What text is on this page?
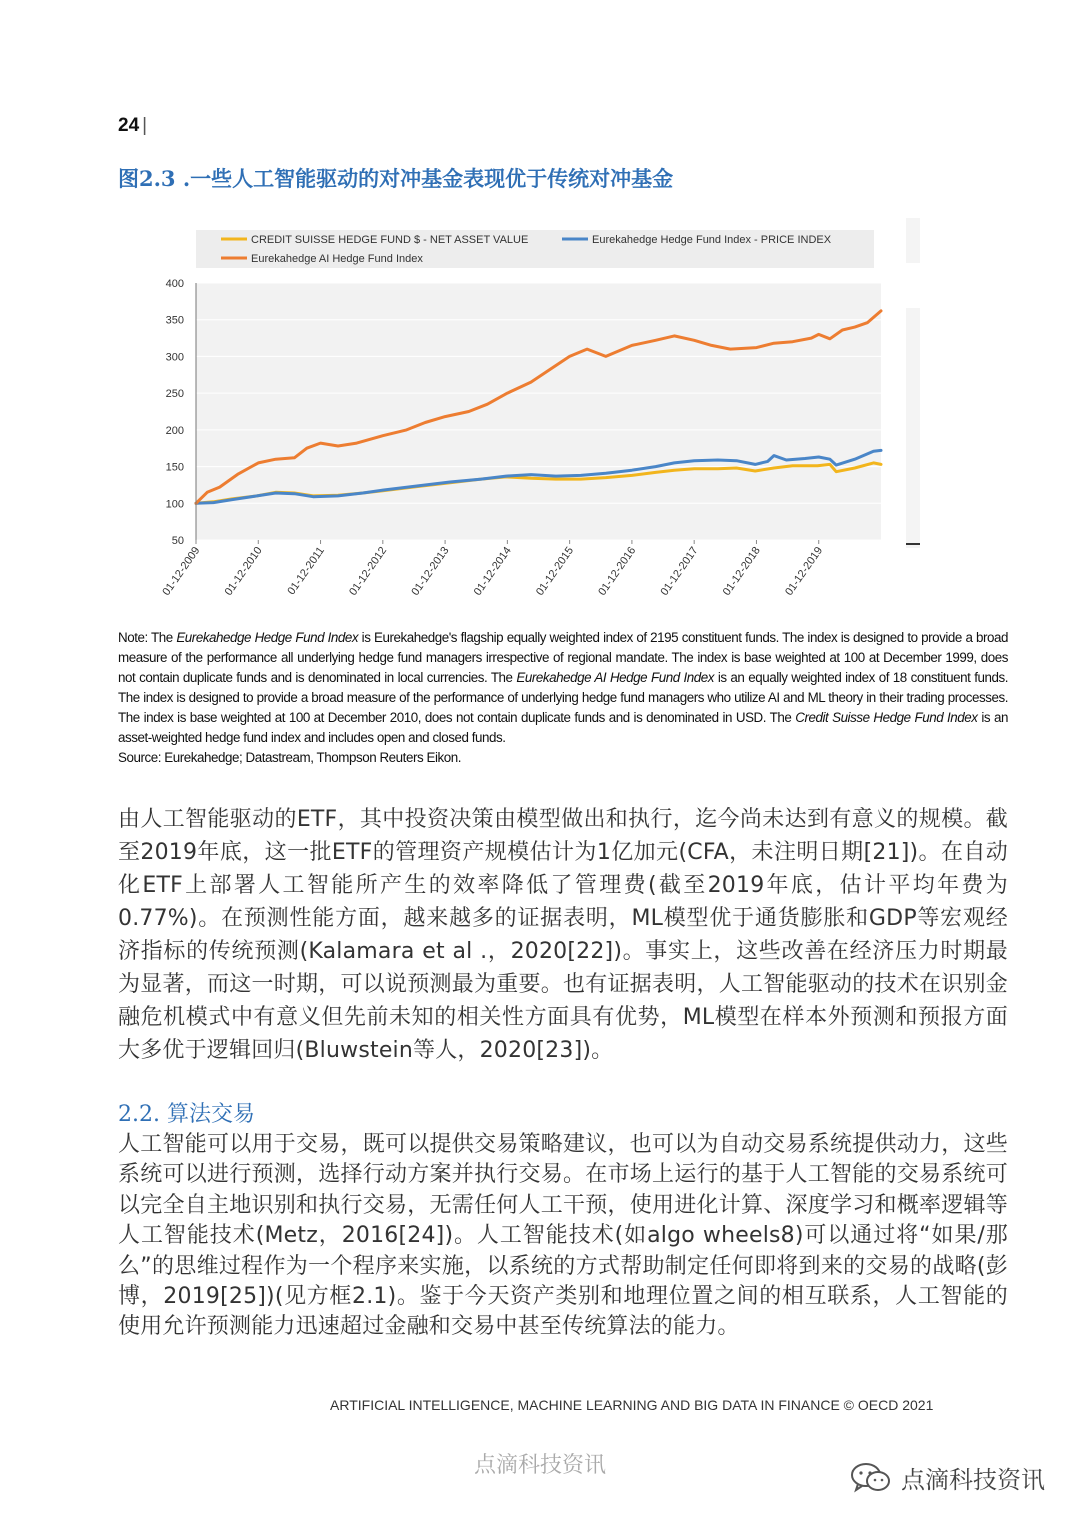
24 |
图2.3 .一些人工智能驱动的对冲基金表现优于传统对冲基金
CREDIT SUISSE HEDGE FUND $ - NET ASSET VALUE	Eurekahedge Hedge Fund Index - PRICE INDEX
Eurekahedge AI Hedge Fund Index
50
100
150
200
250
300
350
400
01-12-2009 01-12-2010 01-12-2011 01-12-2012 01-12-2013 01-12-2014 01-12-2015 01-12-2016 01-12-2017 01-12-2018 01-12-2019

Note: The Eurekahedge Hedge Fund Index is Eurekahedge's flagship equally weighted index of 2195 constituent funds. The index is designed to provide a broad measure of the performance all underlying hedge fund managers irrespective of regional mandate. The index is base weighted at 100 at December 1999, does not contain duplicate funds and is denominated in local currencies. The Eurekahedge AI Hedge Fund Index is an equally weighted index of 18 constituent funds. The index is designed to provide a broad measure of the performance of underlying hedge fund managers who utilize AI and ML theory in their trading processes. The index is base weighted at 100 at December 2010, does not contain duplicate funds and is denominated in USD. The Credit Suisse Hedge Fund Index is an asset-weighted hedge fund index and includes open and closed funds.

Source: Eurekahedge; Datastream, Thompson Reuters Eikon.

由人工智能驱动的ETF，其中投资决策由模型做出和执行，迄今尚未达到有意义的规模。截至2019年底，这一批ETF的管理资产规模估计为1亿加元(CFA，未注明日期[21])。在自动化ETF上部署人工智能所产生的效率降低了管理费(截至2019年底，估计平均年费为0.77%)。在预测性能方面，越来越多的证据表明，ML模型优于通货膨胀和GDP等宏观经济指标的传统预测(Kalamara et al .，2020[22])。事实上，这些改善在经济压力时期最为显著，而这一时期，可以说预测最为重要。也有证据表明，人工智能驱动的技术在识别金融危机模式中有意义但先前未知的相关性方面具有优势，ML模型在样本外预测和预报方面大多优于逻辑回归(Bluwstein等人，2020[23])。

2.2. 算法交易

人工智能可以用于交易，既可以提供交易策略建议，也可以为自动交易系统提供动力，这些系统可以进行预测，选择行动方案并执行交易。在市场上运行的基于人工智能的交易系统可以完全自主地识别和执行交易，无需任何人工干预，使用进化计算、深度学习和概率逻辑等人工智能技术(Metz，2016[24])。人工智能技术(如algo wheels8)可以通过将“如果/那么”的思维过程作为一个程序来实施，以系统的方式帮助制定任何即将到来的交易的战略(彭博，2019[25])(见方框2.1)。鉴于今天资产类别和地理位置之间的相互联系，人工智能的使用允许预测能力迅速超过金融和交易中甚至传统算法的能力。

ARTIFICIAL INTELLIGENCE, MACHINE LEARNING AND BIG DATA IN FINANCE © OECD 2021
点滴科技资讯
点滴科技资讯
